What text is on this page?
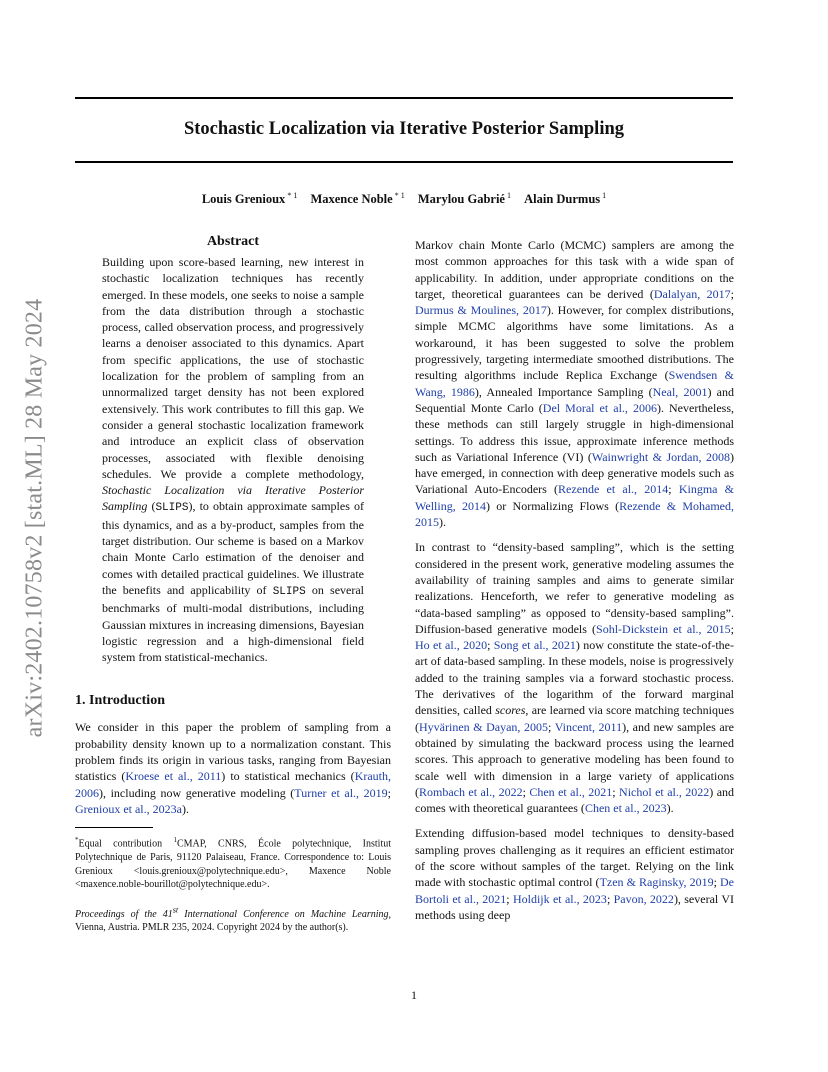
Stochastic Localization via Iterative Posterior Sampling
Louis Grenioux $^{* 1}$ Maxence Noble $^{* 1}$ Marylou Gabrié $^1$ Alain Durmus $^1$
arXiv:2402.10758v2 [stat.ML] 28 May 2024
Abstract

Building upon score-based learning, new interest in stochastic localization techniques has recently emerged. In these models, one seeks to noise a sample from the data distribution through a stochastic process, called observation process, and progressively learns a denoiser associated to this dynamics. Apart from specific applications, the use of stochastic localization for the problem of sampling from an unnormalized target density has not been explored extensively. This work contributes to fill this gap. We consider a general stochastic localization framework and introduce an explicit class of observation processes, associated with flexible denoising schedules. We provide a complete methodology, Stochastic Localization via Iterative Posterior Sampling (SLIPS), to obtain approximate samples of this dynamics, and as a by-product, samples from the target distribution. Our scheme is based on a Markov chain Monte Carlo estimation of the denoiser and comes with detailed practical guidelines. We illustrate the benefits and applicability of SLIPS on several benchmarks of multi-modal distributions, including Gaussian mixtures in increasing dimensions, Bayesian logistic regression and a high-dimensional field system from statistical-mechanics.

1. Introduction

We consider in this paper the problem of sampling from a probability density known up to a normalization constant. This problem finds its origin in various tasks, ranging from Bayesian statistics (Kroese et al., 2011) to statistical mechanics (Krauth, 2006), including now generative modeling (Turner et al., 2019; Grenioux et al., 2023a).

*Equal contribution $^1$CMAP, CNRS, École polytechnique, Institut Polytechnique de Paris, 91120 Palaiseau, France. Correspondence to: Louis Grenioux <louis.grenioux@polytechnique.edu>, Maxence Noble <maxence.noble-bourillot@polytechnique.edu>.

Proceedings of the 41st International Conference on Machine Learning, Vienna, Austria. PMLR 235, 2024. Copyright 2024 by the author(s).

Markov chain Monte Carlo (MCMC) samplers are among the most common approaches for this task with a wide span of applicability. In addition, under appropriate conditions on the target, theoretical guarantees can be derived (Dalalyan, 2017; Durmus & Moulines, 2017). However, for complex distributions, simple MCMC algorithms have some limitations. As a workaround, it has been suggested to solve the problem progressively, targeting intermediate smoothed distributions. The resulting algorithms include Replica Exchange (Swendsen & Wang, 1986), Annealed Importance Sampling (Neal, 2001) and Sequential Monte Carlo (Del Moral et al., 2006). Nevertheless, these methods can still largely struggle in high-dimensional settings. To address this issue, approximate inference methods such as Variational Inference (VI) (Wainwright & Jordan, 2008) have emerged, in connection with deep generative models such as Variational Auto-Encoders (Rezende et al., 2014; Kingma & Welling, 2014) or Normalizing Flows (Rezende & Mohamed, 2015).

In contrast to “density-based sampling”, which is the setting considered in the present work, generative modeling assumes the availability of training samples and aims to generate similar realizations. Henceforth, we refer to generative modeling as “data-based sampling” as opposed to “density-based sampling”. Diffusion-based generative models (Sohl-Dickstein et al., 2015; Ho et al., 2020; Song et al., 2021) now constitute the state-of-the-art of data-based sampling. In these models, noise is progressively added to the training samples via a forward stochastic process. The derivatives of the logarithm of the forward marginal densities, called scores, are learned via score matching techniques (Hyvärinen & Dayan, 2005; Vincent, 2011), and new samples are obtained by simulating the backward process using the learned scores. This approach to generative modeling has been found to scale well with dimension in a large variety of applications (Rombach et al., 2022; Chen et al., 2021; Nichol et al., 2022) and comes with theoretical guarantees (Chen et al., 2023).

Extending diffusion-based model techniques to density-based sampling proves challenging as it requires an efficient estimator of the score without samples of the target. Relying on the link made with stochastic optimal control (Tzen & Raginsky, 2019; De Bortoli et al., 2021; Holdijk et al., 2023; Pavon, 2022), several VI methods using deep

1
